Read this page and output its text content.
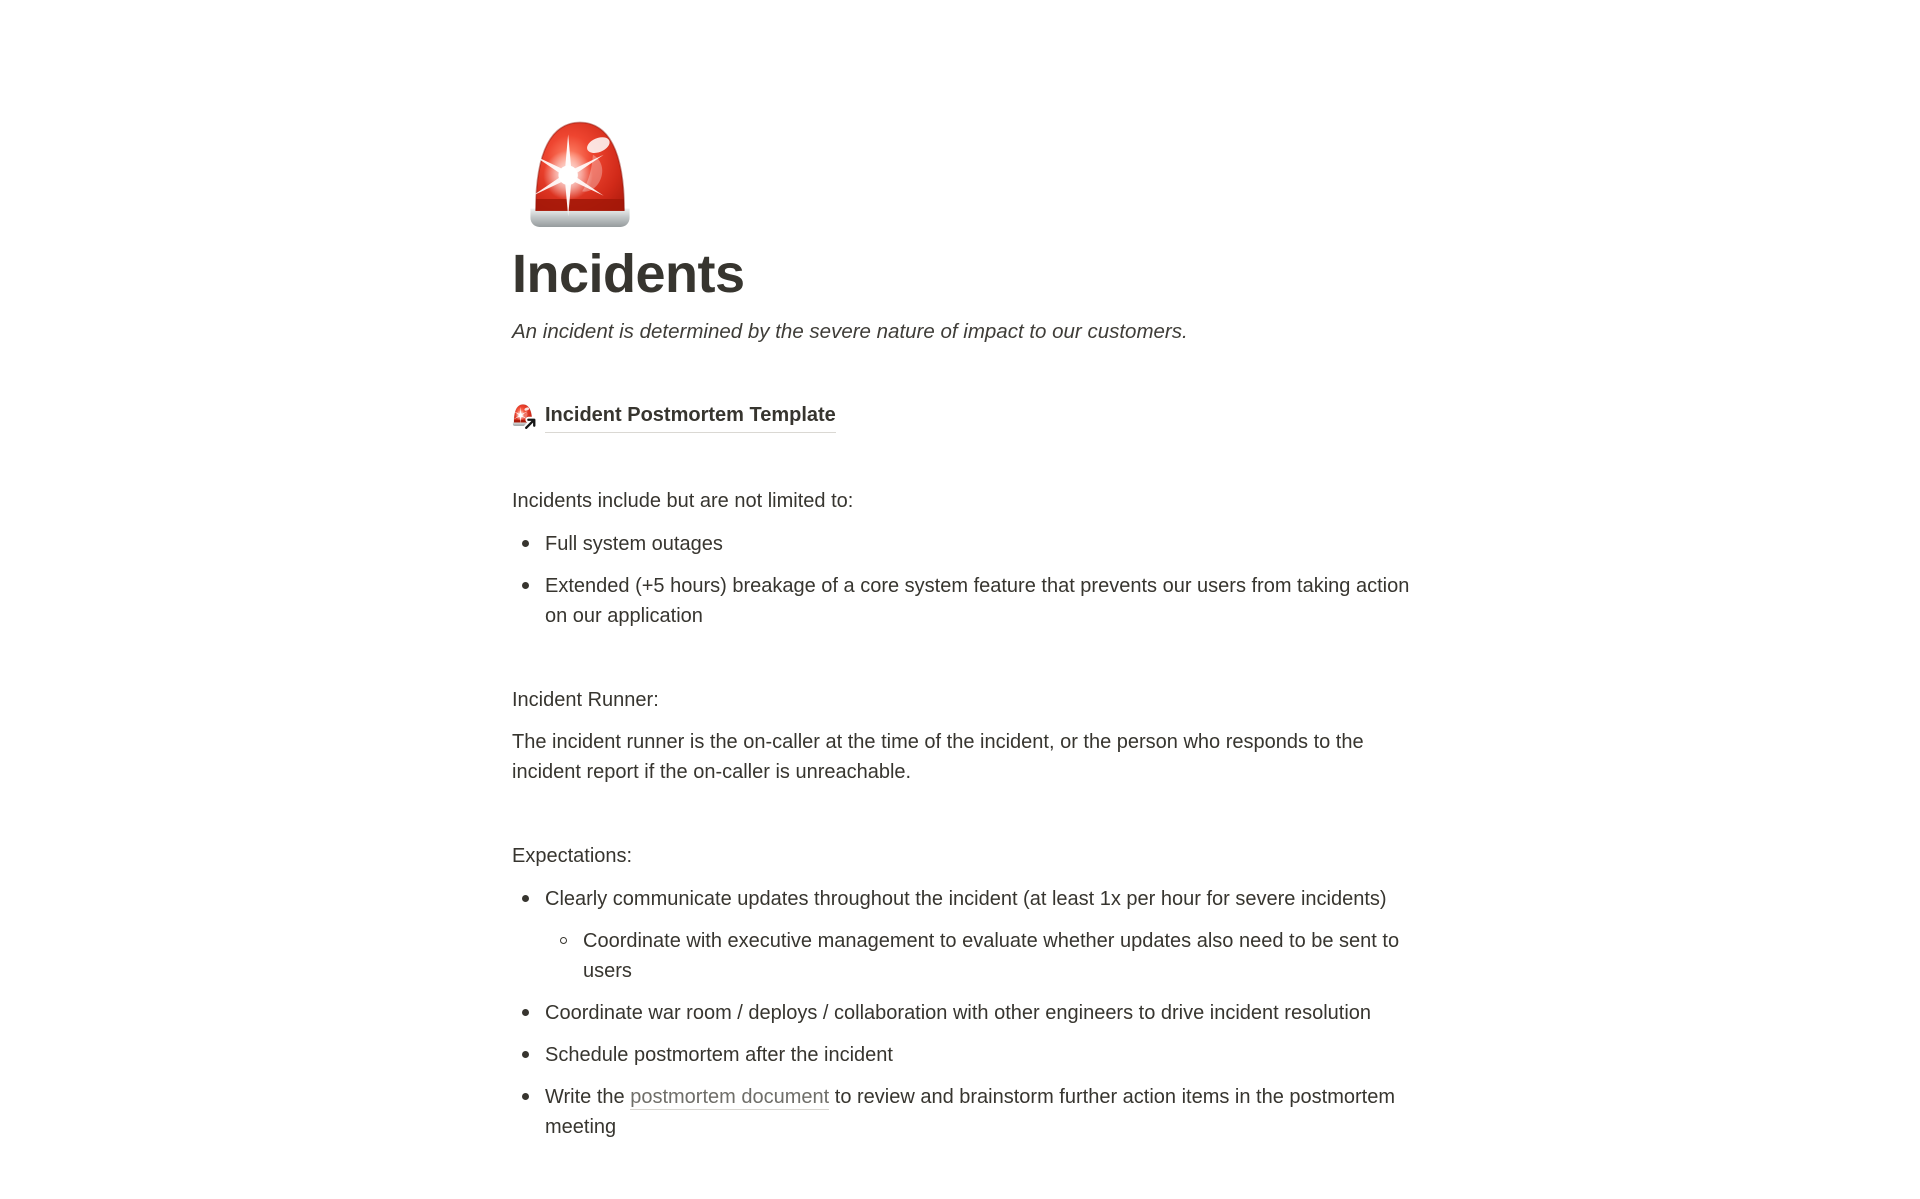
Incidents

An incident is determined by the severe nature of impact to our customers.

Incident Postmortem Template

Incidents include but are not limited to:

Full system outages
Extended (+5 hours) breakage of a core system feature that prevents our users from taking action on our application

Incident Runner:

The incident runner is the on-caller at the time of the incident, or the person who responds to the incident report if the on-caller is unreachable.

Expectations:

Clearly communicate updates throughout the incident (at least 1x per hour for severe incidents)
Coordinate with executive management to evaluate whether updates also need to be sent to users
Coordinate war room / deploys / collaboration with other engineers to drive incident resolution
Schedule postmortem after the incident
Write the postmortem document to review and brainstorm further action items in the postmortem meeting
